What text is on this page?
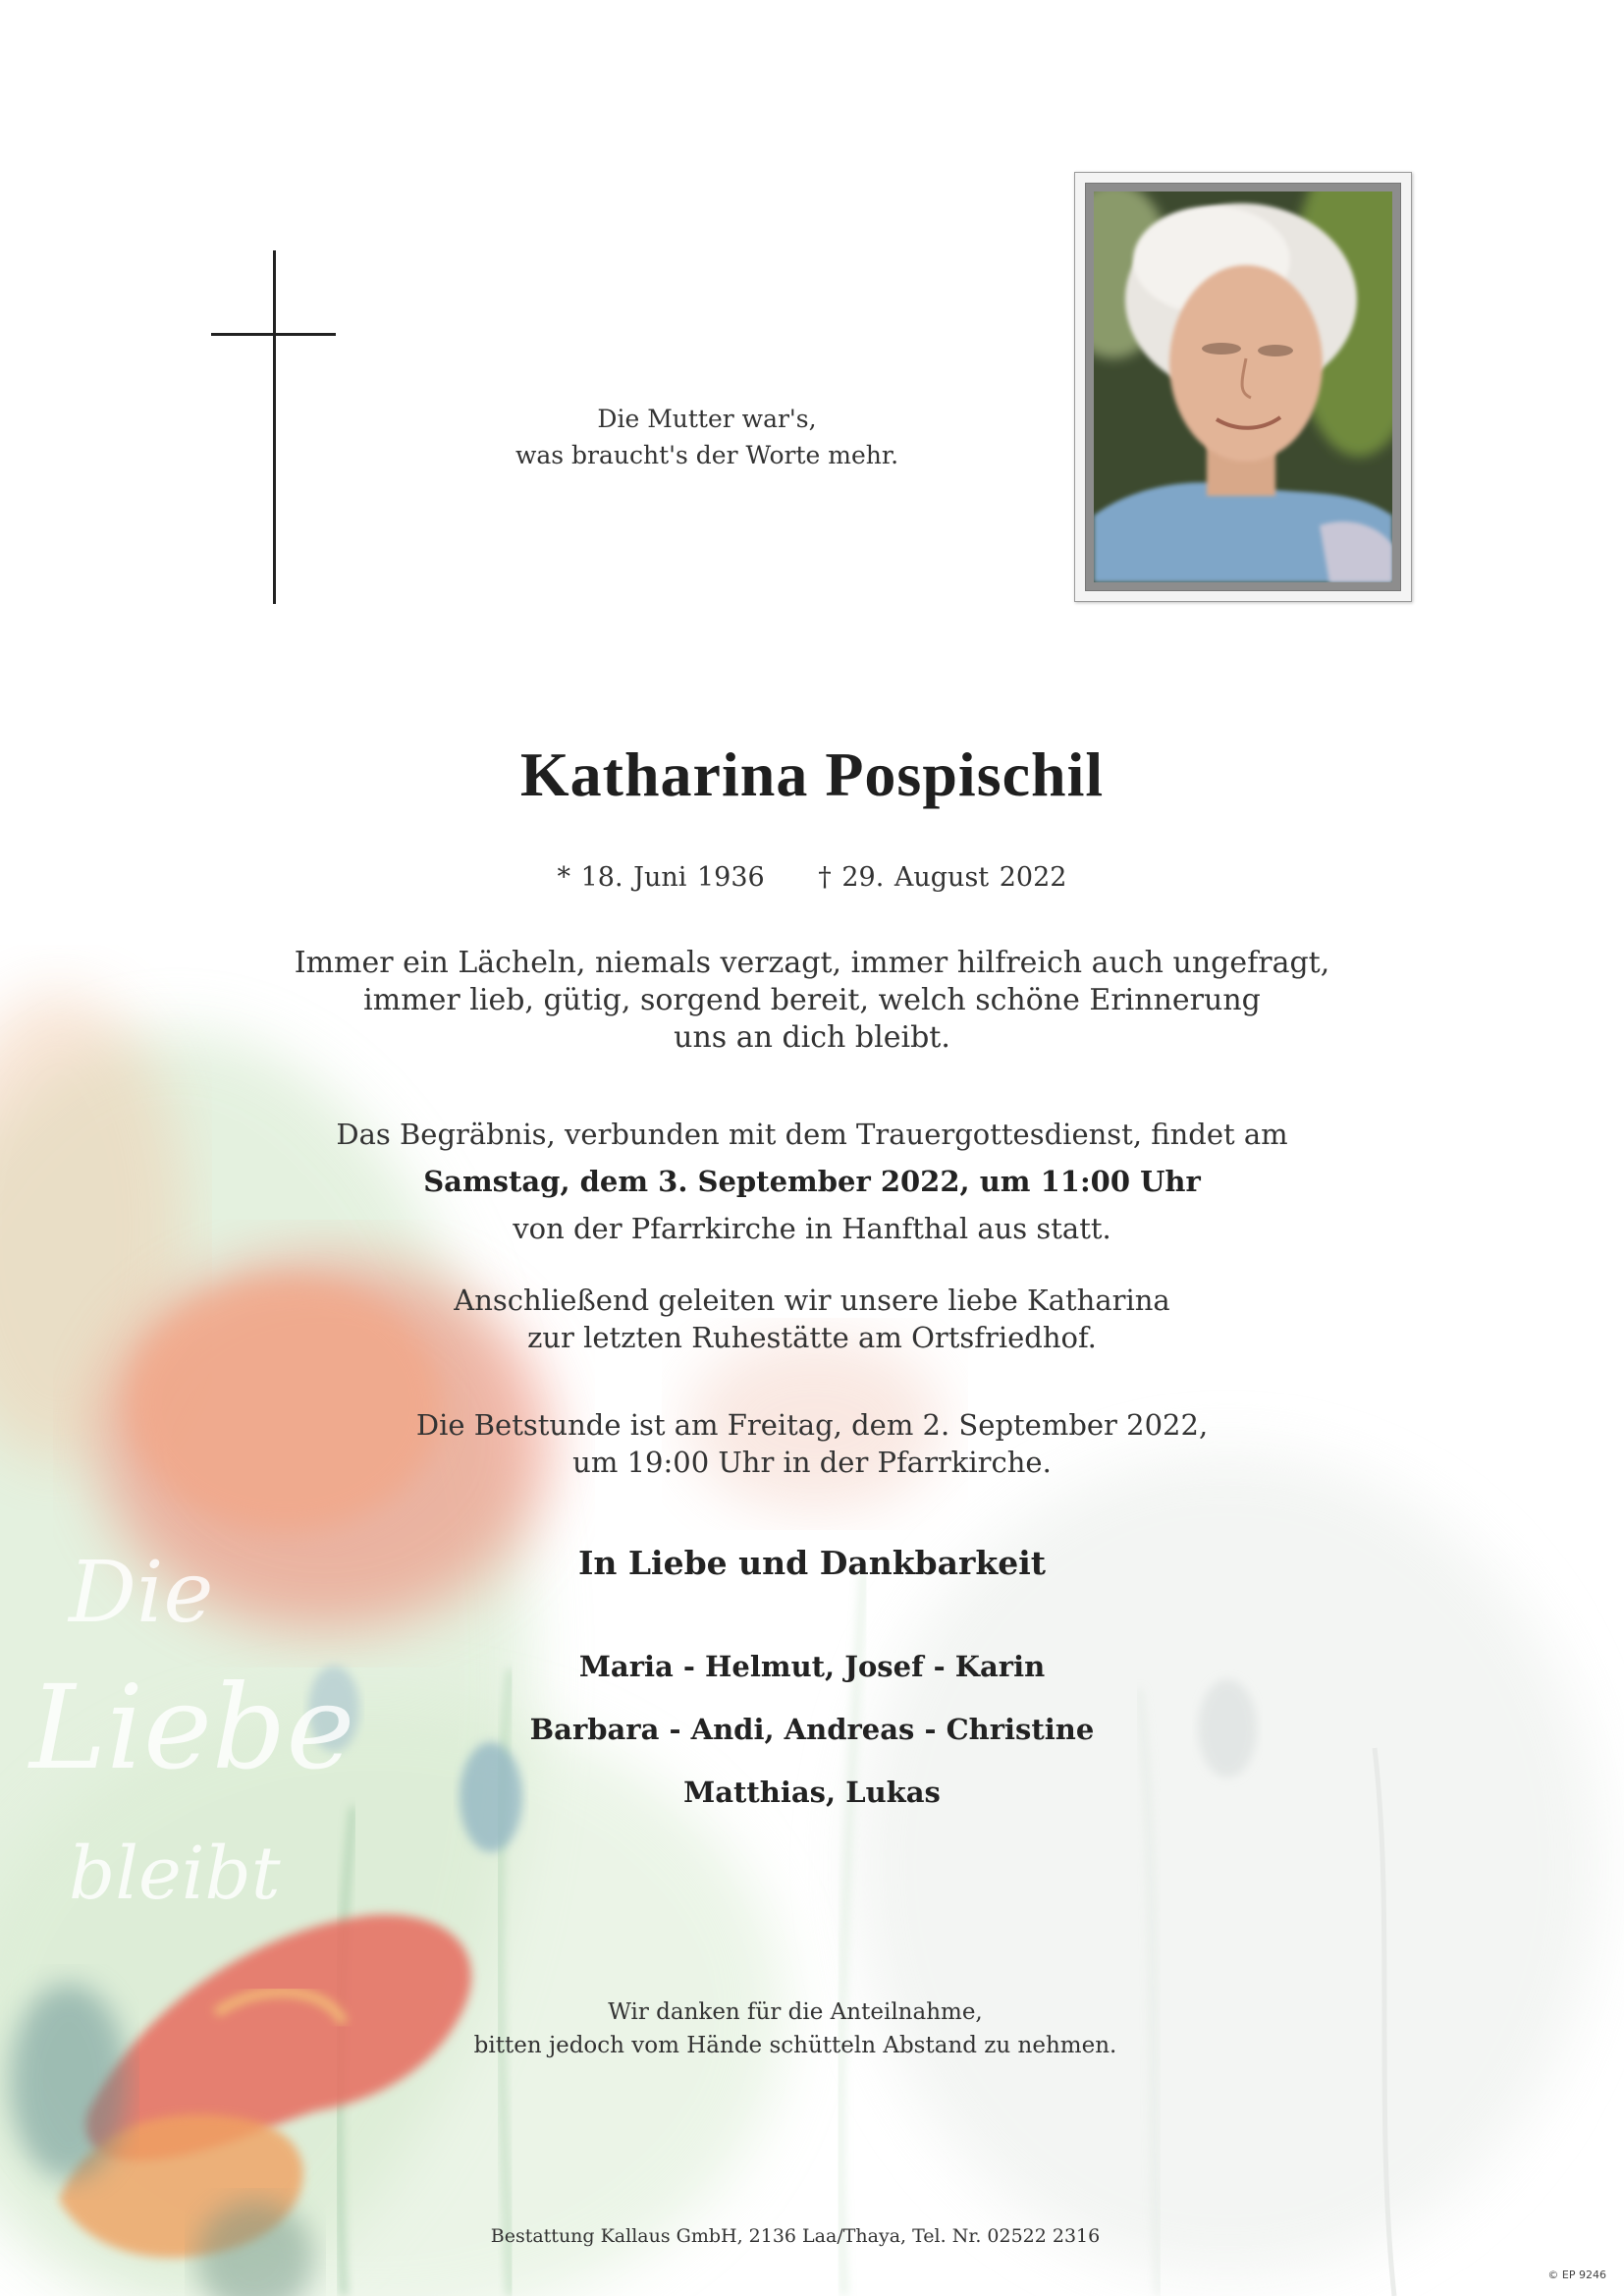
Die Mutter war's,
was braucht's der Worte mehr.
Katharina Pospischil
* 18. Juni 1936 † 29. August 2022
Immer ein Lächeln, niemals verzagt, immer hilfreich auch ungefragt,
immer lieb, gütig, sorgend bereit, welch schöne Erinnerung
uns an dich bleibt.
Das Begräbnis, verbunden mit dem Trauergottesdienst, findet am
Samstag, dem 3. September 2022, um 11:00 Uhr
von der Pfarrkirche in Hanfthal aus statt.
Anschließend geleiten wir unsere liebe Katharina
zur letzten Ruhestätte am Ortsfriedhof.
Die Betstunde ist am Freitag, dem 2. September 2022,
um 19:00 Uhr in der Pfarrkirche.
In Liebe und Dankbarkeit
Maria - Helmut, Josef - Karin
Barbara - Andi, Andreas - Christine
Matthias, Lukas
Die
Liebe
bleibt
Wir danken für die Anteilnahme,
bitten jedoch vom Hände schütteln Abstand zu nehmen.
Bestattung Kallaus GmbH, 2136 Laa/Thaya, Tel. Nr. 02522 2316
© EP 9246
